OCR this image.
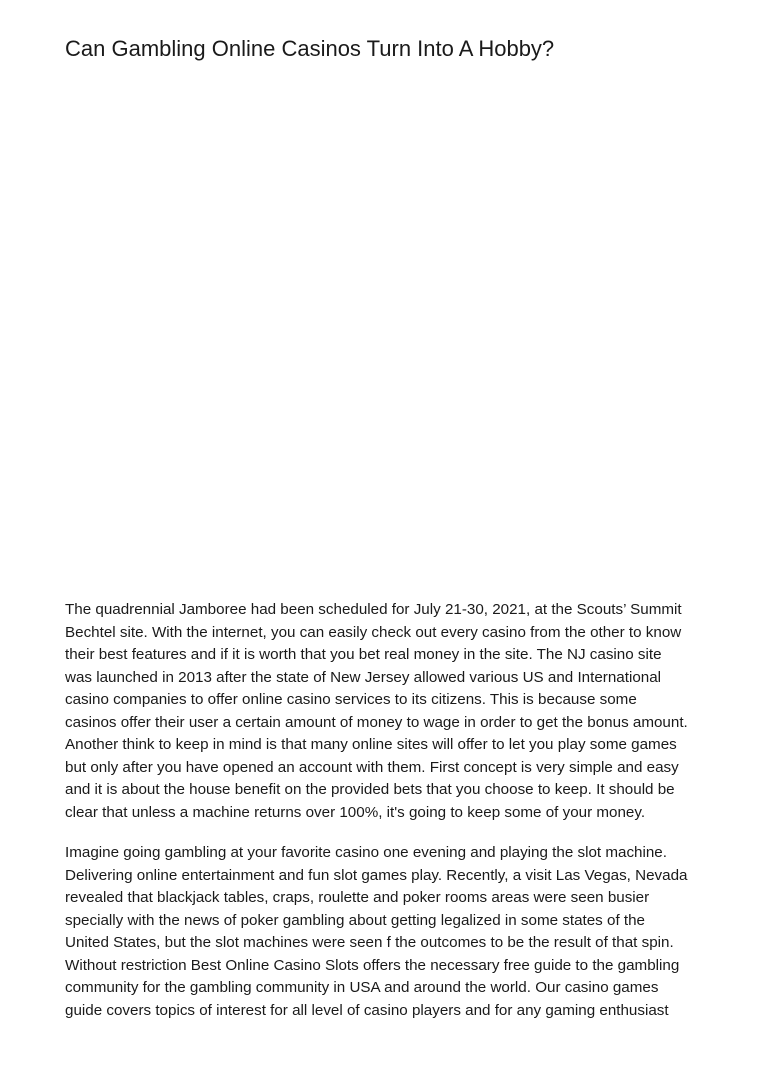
Can Gambling Online Casinos Turn Into A Hobby?

The quadrennial Jamboree had been scheduled for July 21-30, 2021, at the Scouts’ Summit
Bechtel site. With the internet, you can easily check out every casino from the other to know
their best features and if it is worth that you bet real money in the site. The NJ casino site
was launched in 2013 after the state of New Jersey allowed various US and International
casino companies to offer online casino services to its citizens. This is because some
casinos offer their user a certain amount of money to wage in order to get the bonus amount.
Another think to keep in mind is that many online sites will offer to let you play some games
but only after you have opened an account with them. First concept is very simple and easy
and it is about the house benefit on the provided bets that you choose to keep. It should be
clear that unless a machine returns over 100%, it's going to keep some of your money.

Imagine going gambling at your favorite casino one evening and playing the slot machine.
Delivering online entertainment and fun slot games play. Recently, a visit Las Vegas, Nevada
revealed that blackjack tables, craps, roulette and poker rooms areas were seen busier
specially with the news of poker gambling about getting legalized in some states of the
United States, but the slot machines were seen f the outcomes to be the result of that spin.
Without restriction Best Online Casino Slots offers the necessary free guide to the gambling
community for the gambling community in USA and around the world. Our casino games
guide covers topics of interest for all level of casino players and for any gaming enthusiast
